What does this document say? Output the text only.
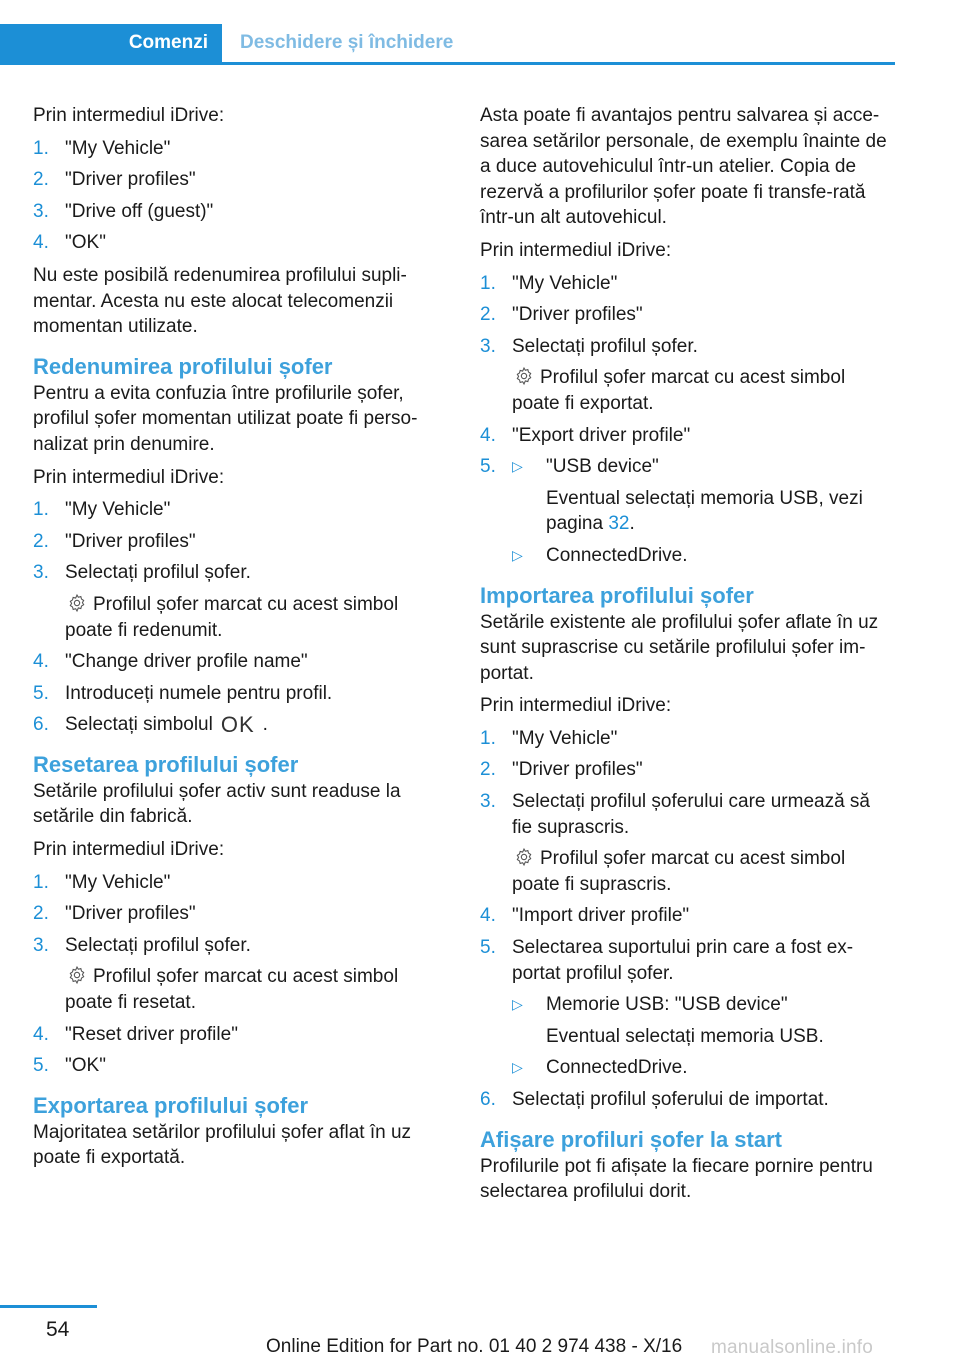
Comenzi	Deschidere și închidere

Prin intermediul iDrive:

1. "My Vehicle"
2. "Driver profiles"
3. "Drive off (guest)"
4. "OK"

Nu este posibilă redenumirea profilului supli-mentar. Acesta nu este alocat telecomenzii momentan utilizate.

Redenumirea profilului șofer

Pentru a evita confuzia între profilurile șofer, profilul șofer momentan utilizat poate fi perso-nalizat prin denumire.

Prin intermediul iDrive:

1. "My Vehicle"
2. "Driver profiles"
3. Selectați profilul șofer.
Profilul șofer marcat cu acest simbol poate fi redenumit.
4. "Change driver profile name"
5. Introduceți numele pentru profil.
6. Selectați simbolul OK .
Resetarea profilului șofer

Setările profilului șofer activ sunt readuse la setările din fabrică.

Prin intermediul iDrive:

1. "My Vehicle"
2. "Driver profiles"
3. Selectați profilul șofer.
Profilul șofer marcat cu acest simbol poate fi resetat.
4. "Reset driver profile"
5. "OK"
Exportarea profilului șofer

Majoritatea setărilor profilului șofer aflat în uz poate fi exportată.

Asta poate fi avantajos pentru salvarea și acce-sarea setărilor personale, de exemplu înainte de a duce autovehiculul într-un atelier. Copia de rezervă a profilurilor șofer poate fi transfe-rată într-un alt autovehicul.

Prin intermediul iDrive:

1. "My Vehicle"
2. "Driver profiles"
3. Selectați profilul șofer.
Profilul șofer marcat cu acest simbol poate fi exportat.
4. "Export driver profile"
5. ▷ "USB device"
Eventual selectați memoria USB, vezi pagina 32.
▷ ConnectedDrive.
Importarea profilului șofer

Setările existente ale profilului șofer aflate în uz sunt suprascrise cu setările profilului șofer im-portat.

Prin intermediul iDrive:

1. "My Vehicle"
2. "Driver profiles"
3. Selectați profilul șoferului care urmează să fie suprascris.
Profilul șofer marcat cu acest simbol poate fi suprascris.
4. "Import driver profile"
5. Selectarea suportului prin care a fost ex-portat profilul șofer.
▷ Memorie USB: "USB device"
Eventual selectați memoria USB.
▷ ConnectedDrive.
6. Selectați profilul șoferului de importat.
Afișare profiluri șofer la start

Profilurile pot fi afișate la fiecare pornire pentru selectarea profilului dorit.

54
Online Edition for Part no. 01 40 2 974 438 - X/16 manualsonline.info
